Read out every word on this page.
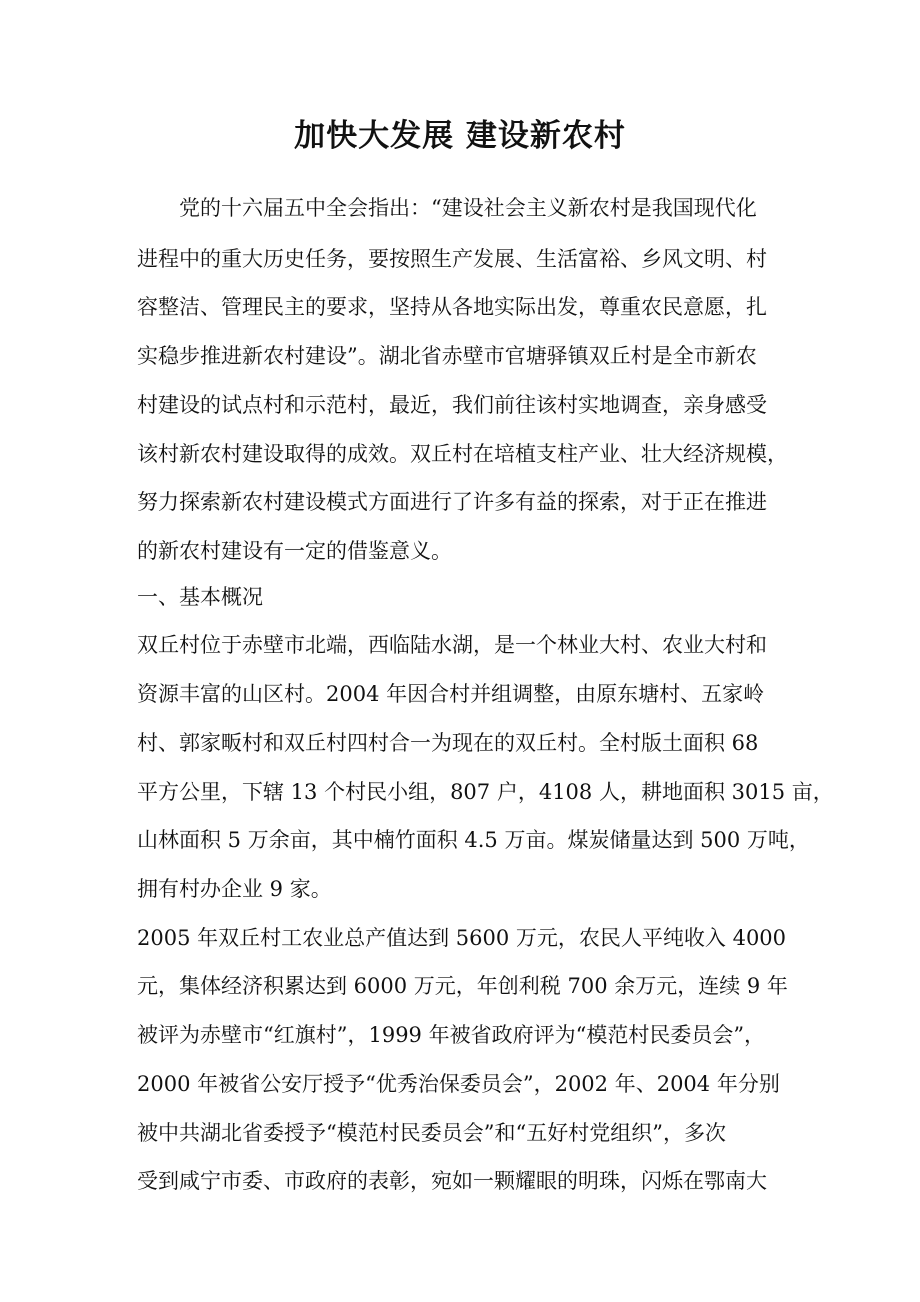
加快大发展 建设新农村

　　党的十六届五中全会指出：“建设社会主义新农村是我国现代化

进程中的重大历史任务，要按照生产发展、生活富裕、乡风文明、村

容整洁、管理民主的要求，坚持从各地实际出发，尊重农民意愿，扎

实稳步推进新农村建设”。湖北省赤壁市官塘驿镇双丘村是全市新农

村建设的试点村和示范村，最近，我们前往该村实地调查，亲身感受

该村新农村建设取得的成效。双丘村在培植支柱产业、壮大经济规模，

努力探索新农村建设模式方面进行了许多有益的探索，对于正在推进

的新农村建设有一定的借鉴意义。

一、基本概况

双丘村位于赤壁市北端，西临陆水湖，是一个林业大村、农业大村和

资源丰富的山区村。2004 年因合村并组调整，由原东塘村、五家岭

村、郭家畈村和双丘村四村合一为现在的双丘村。全村版土面积 68

平方公里，下辖 13 个村民小组，807 户，4108 人，耕地面积 3015 亩，

山林面积 5 万余亩，其中楠竹面积 4.5 万亩。煤炭储量达到 500 万吨，

拥有村办企业 9 家。

2005 年双丘村工农业总产值达到 5600 万元，农民人平纯收入 4000

元，集体经济积累达到 6000 万元，年创利税 700 余万元，连续 9 年

被评为赤壁市“红旗村”，1999 年被省政府评为“模范村民委员会”，

2000 年被省公安厅授予“优秀治保委员会”，2002 年、2004 年分别

被中共湖北省委授予“模范村民委员会”和“五好村党组织”，多次

受到咸宁市委、市政府的表彰，宛如一颗耀眼的明珠，闪烁在鄂南大
